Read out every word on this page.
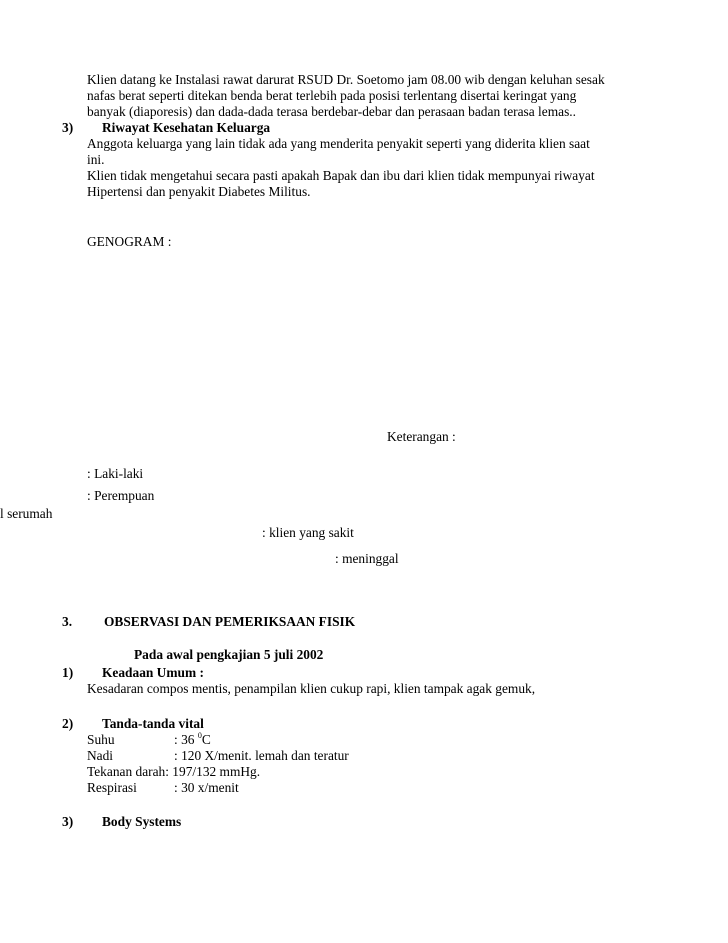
Klien datang ke Instalasi rawat darurat RSUD Dr. Soetomo jam 08.00 wib dengan keluhan sesak
nafas berat seperti ditekan benda berat terlebih pada posisi terlentang disertai keringat yang
banyak (diaporesis) dan dada-dada terasa berdebar-debar dan perasaan badan terasa lemas..
3) Riwayat Kesehatan Keluarga
Anggota keluarga yang lain tidak ada yang menderita penyakit seperti yang diderita klien saat
ini.
Klien tidak mengetahui secara pasti apakah Bapak dan ibu dari klien tidak mempunyai riwayat
Hipertensi dan penyakit Diabetes Militus.
GENOGRAM :
Keterangan :
: Laki-laki
: Perempuan
l serumah
: klien yang sakit
: meninggal
3. OBSERVASI DAN PEMERIKSAAN FISIK
Pada awal pengkajian 5 juli 2002
1) Keadaan Umum :
Kesadaran compos mentis, penampilan klien cukup rapi, klien tampak agak gemuk,
2) Tanda-tanda vital
Suhu	: 36 $^0$C
Nadi	: 120 X/menit. lemah dan teratur
Tekanan darah: 197/132 mmHg.
Respirasi	: 30 x/menit
3) Body Systems
